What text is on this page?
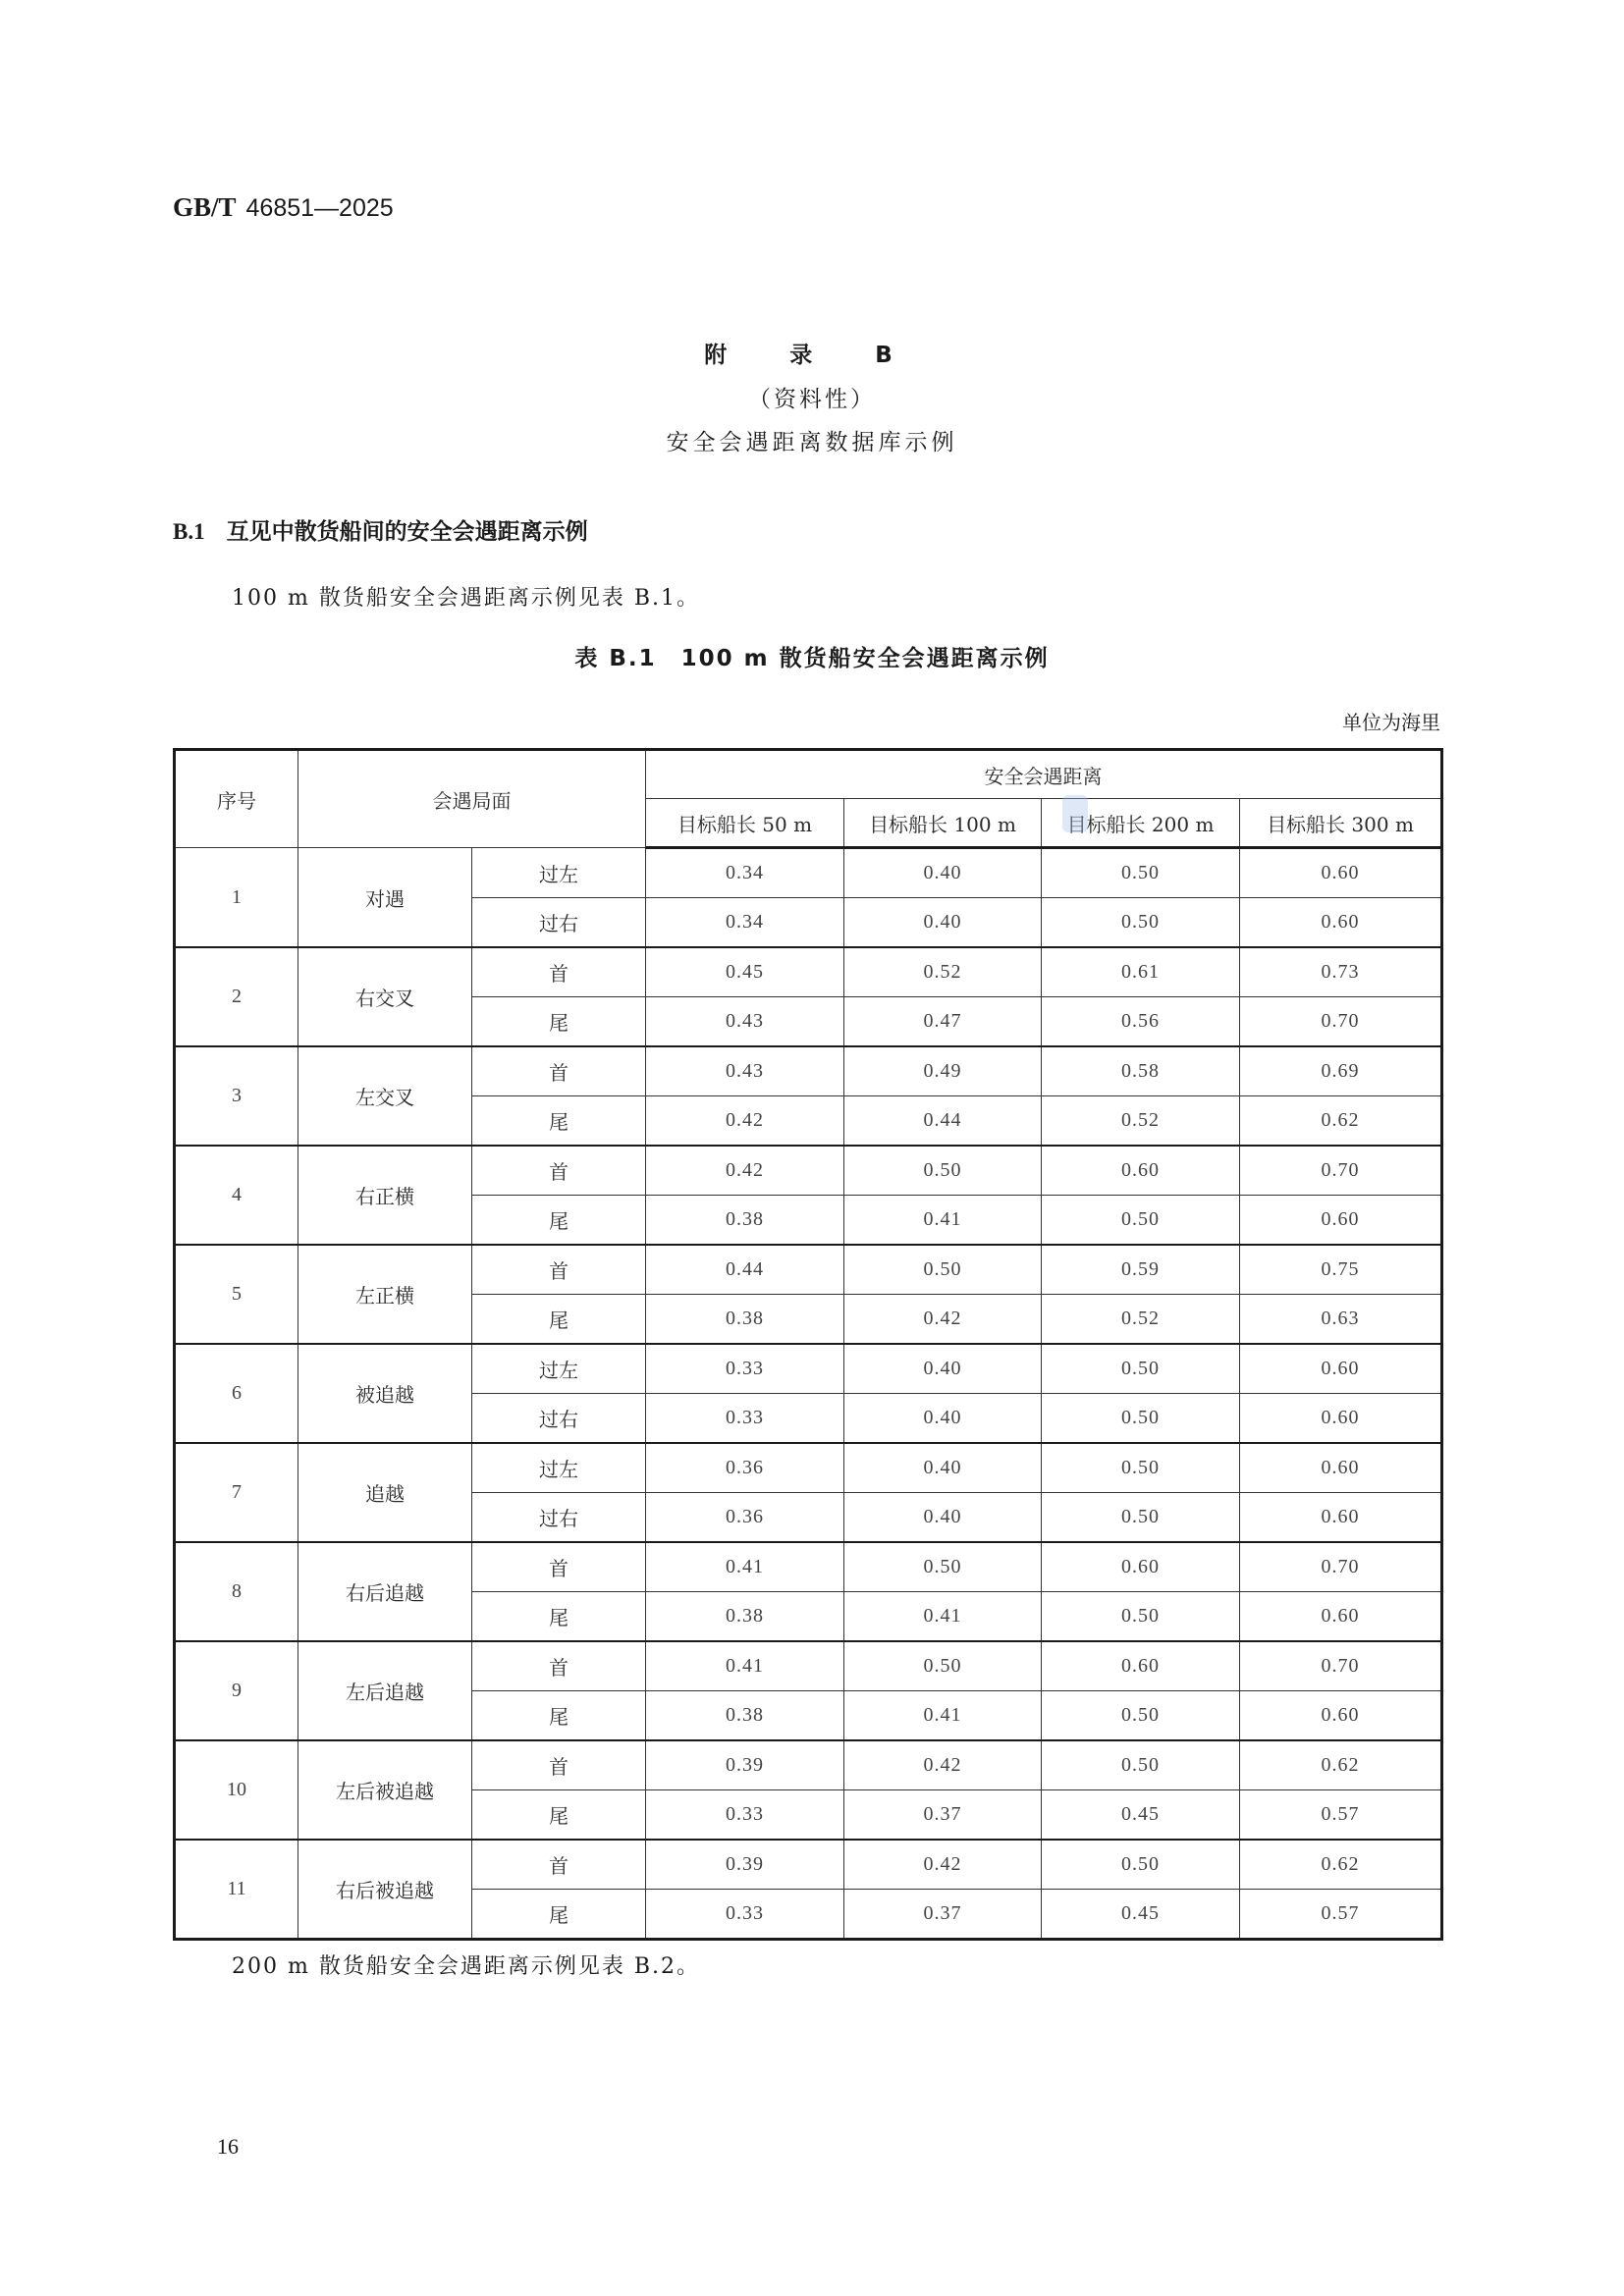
GB/T 46851—2025
附 录 B
（资料性）
安全会遇距离数据库示例
B.1 互见中散货船间的安全会遇距离示例
100 m 散货船安全会遇距离示例见表 B.1。
表 B.1　100 m 散货船安全会遇距离示例
单位为海里
序号	会遇局面		安全会遇距离			
			目标船长 50 m	目标船长 100 m	目标船长 200 m	目标船长 300 m
1	对遇	过左	0.34	0.40	0.50	0.60
		过右	0.34	0.40	0.50	0.60
2	右交叉	首	0.45	0.52	0.61	0.73
		尾	0.43	0.47	0.56	0.70
3	左交叉	首	0.43	0.49	0.58	0.69
		尾	0.42	0.44	0.52	0.62
4	右正横	首	0.42	0.50	0.60	0.70
		尾	0.38	0.41	0.50	0.60
5	左正横	首	0.44	0.50	0.59	0.75
		尾	0.38	0.42	0.52	0.63
6	被追越	过左	0.33	0.40	0.50	0.60
		过右	0.33	0.40	0.50	0.60
7	追越	过左	0.36	0.40	0.50	0.60
		过右	0.36	0.40	0.50	0.60
8	右后追越	首	0.41	0.50	0.60	0.70
		尾	0.38	0.41	0.50	0.60
9	左后追越	首	0.41	0.50	0.60	0.70
		尾	0.38	0.41	0.50	0.60
10	左后被追越	首	0.39	0.42	0.50	0.62
		尾	0.33	0.37	0.45	0.57
11	右后被追越	首	0.39	0.42	0.50	0.62
		尾	0.33	0.37	0.45	0.57
200 m 散货船安全会遇距离示例见表 B.2。
16
